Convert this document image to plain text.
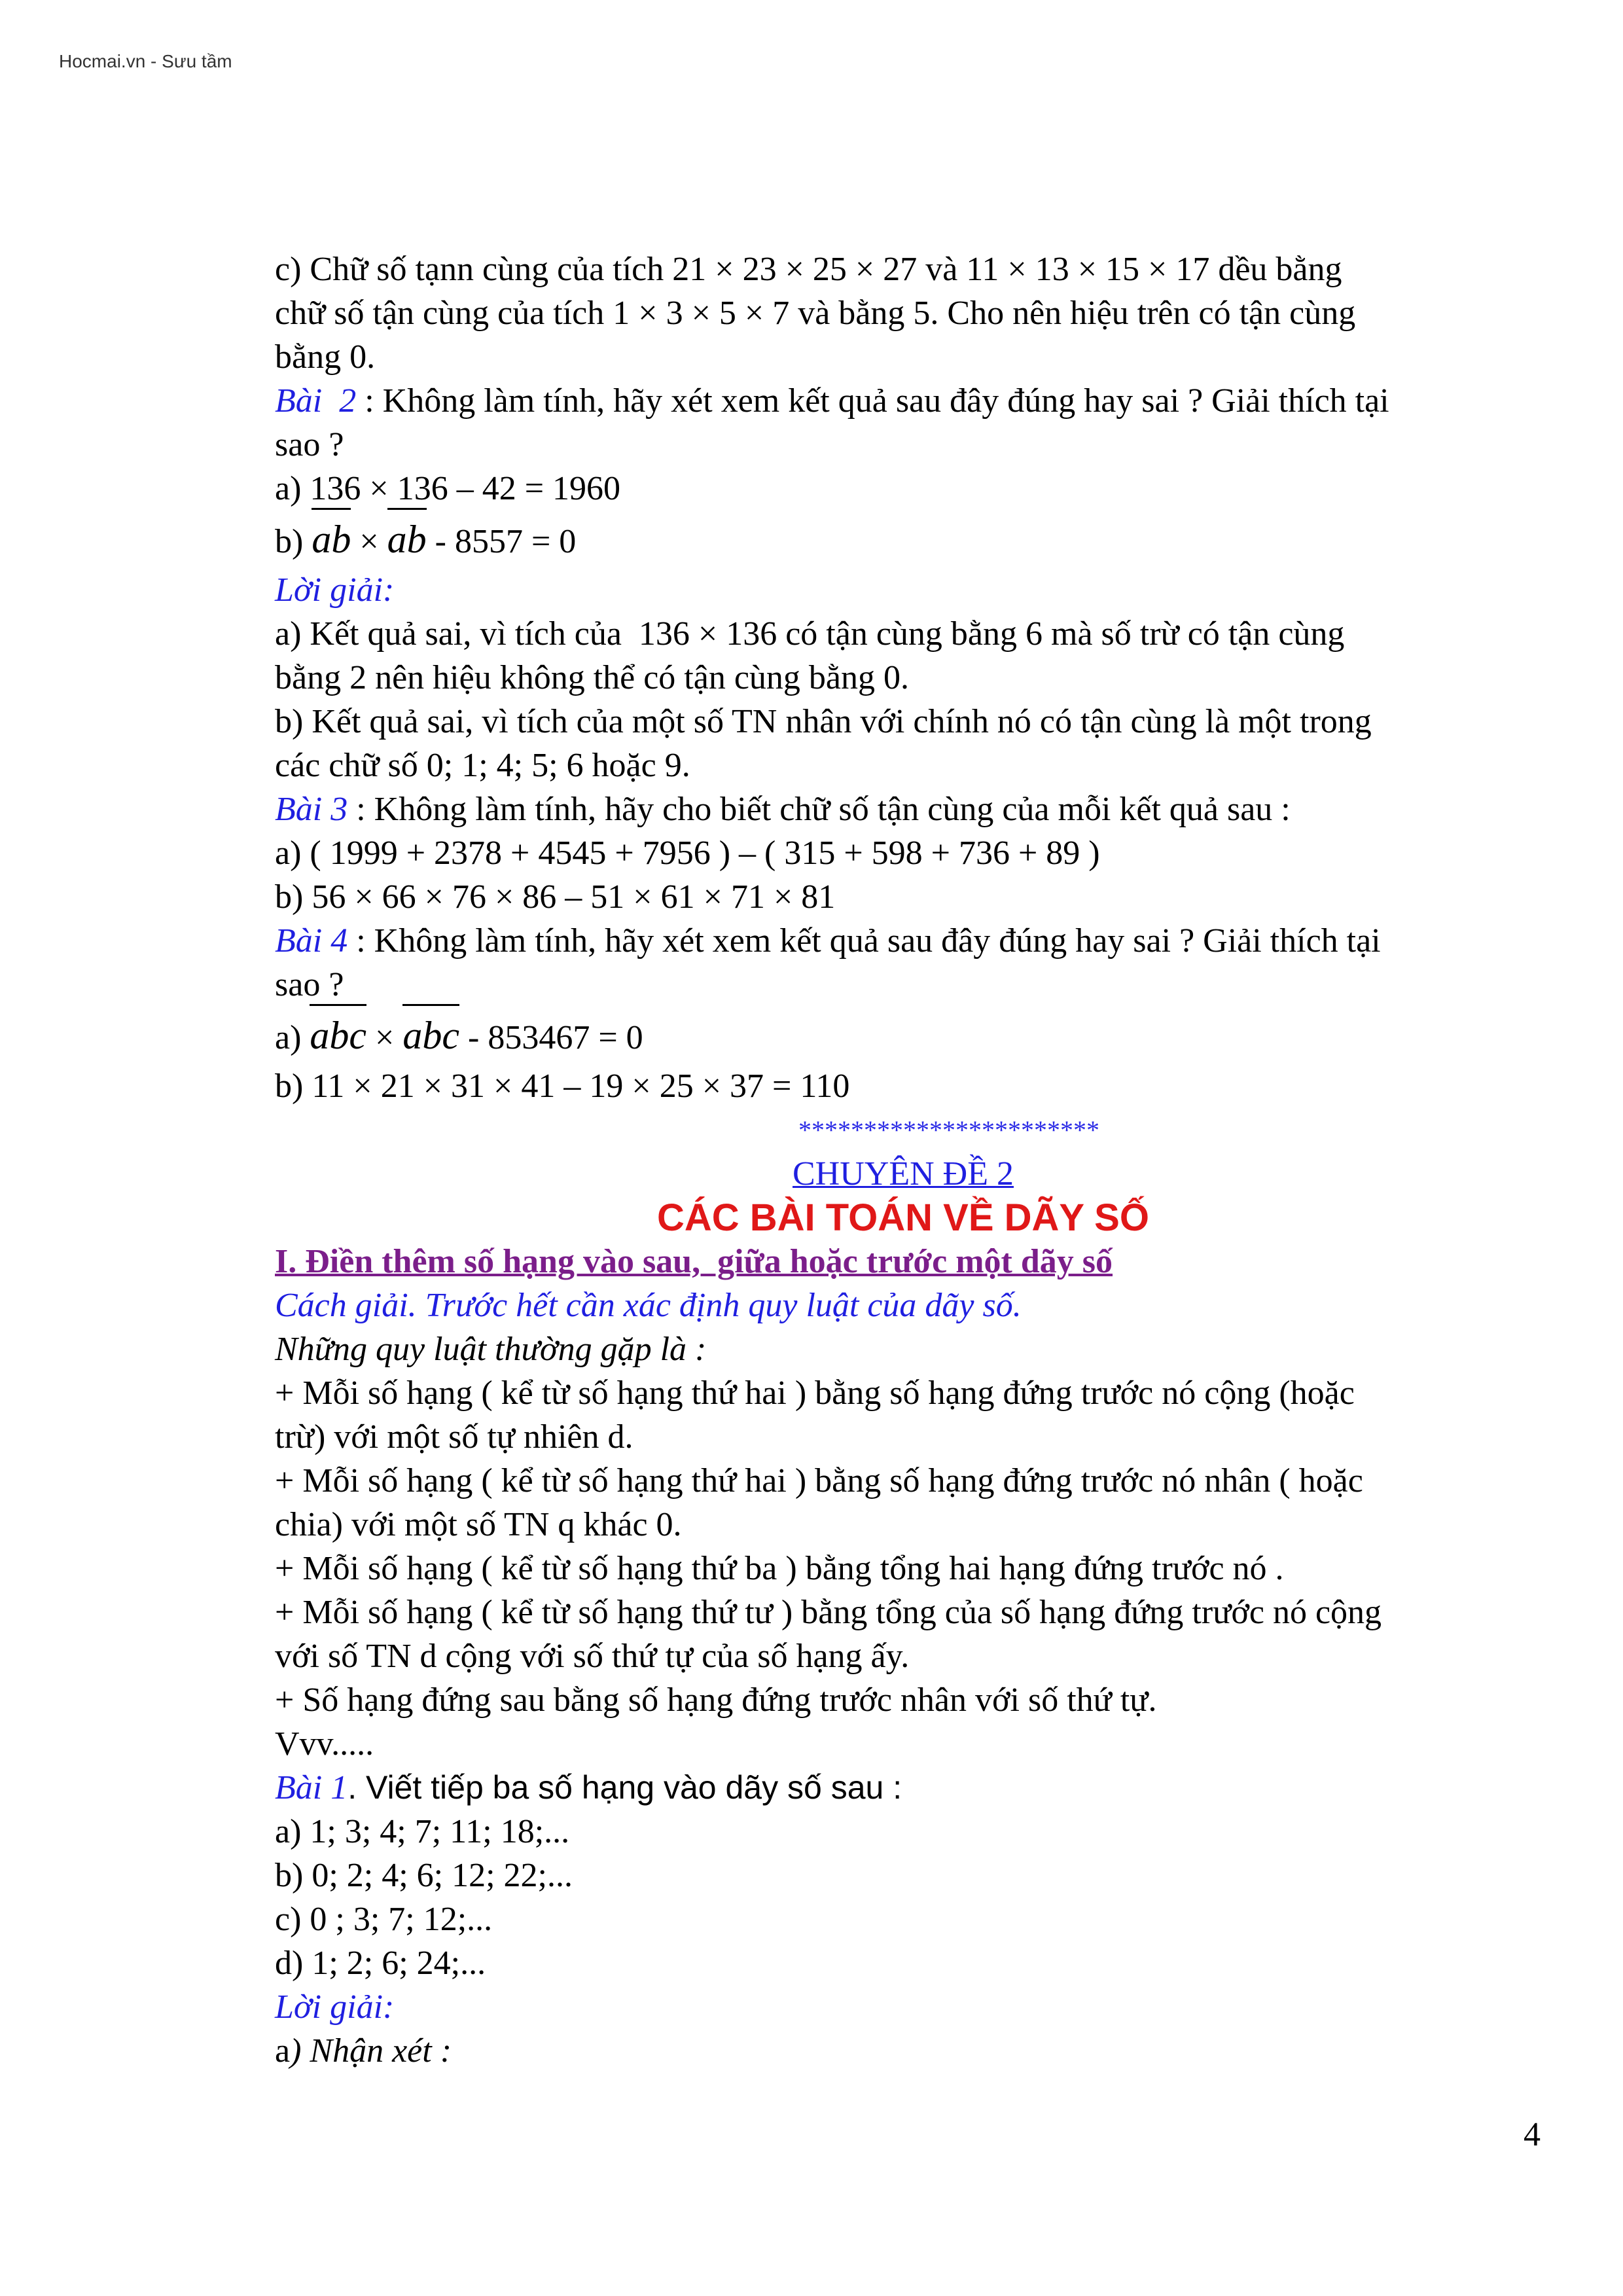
Hocmai.vn - Sưu tầm
c) Chữ số tạnn cùng của tích 21 × 23 × 25 × 27 và 11 × 13 × 15 × 17 dều bằng
chữ số tận cùng của tích 1 × 3 × 5 × 7 và bằng 5. Cho nên hiệu trên có tận cùng
bằng 0.
Bài  2 : Không làm tính, hãy xét xem kết quả sau đây đúng hay sai ? Giải thích tại
sao ?
a) 136 × 136 – 42 = 1960
b) ab × ab - 8557 = 0
Lời giải:
a) Kết quả sai, vì tích của  136 × 136 có tận cùng bằng 6 mà số trừ có tận cùng
bằng 2 nên hiệu không thể có tận cùng bằng 0.
b) Kết quả sai, vì tích của một số TN nhân với chính nó có tận cùng là một trong
các chữ số 0; 1; 4; 5; 6 hoặc 9.
Bài 3 : Không làm tính, hãy cho biết chữ số tận cùng của mỗi kết quả sau :
a) ( 1999 + 2378 + 4545 + 7956 ) – ( 315 + 598 + 736 + 89 )
b) 56 × 66 × 76 × 86 – 51 × 61 × 71 × 81
Bài 4 : Không làm tính, hãy xét xem kết quả sau đây đúng hay sai ? Giải thích tại
sao ?
a) abc × abc - 853467 = 0
b) 11 × 21 × 31 × 41 – 19 × 25 × 37 = 110
***********************
CHUYÊN ĐỀ 2
CÁC BÀI TOÁN VỀ DÃY SỐ
I. Điền thêm số hạng vào sau,  giữa hoặc trước một dãy số
Cách giải. Trước hết cần xác định quy luật của dãy số.
Những quy luật thường gặp là :
+ Mỗi số hạng ( kể từ số hạng thứ hai ) bằng số hạng đứng trước nó cộng (hoặc
trừ) với một số tự nhiên d.
+ Mỗi số hạng ( kể từ số hạng thứ hai ) bằng số hạng đứng trước nó nhân ( hoặc
chia) với một số TN q khác 0.
+ Mỗi số hạng ( kể từ số hạng thứ ba ) bằng tổng hai hạng đứng trước nó .
+ Mỗi số hạng ( kể từ số hạng thứ tư ) bằng tổng của số hạng đứng trước nó cộng
với số TN d cộng với số thứ tự của số hạng ấy.
+ Số hạng đứng sau bằng số hạng đứng trước nhân với số thứ tự.
Vvv.....
Bài 1. Viết tiếp ba số hạng vào dãy số sau :
a) 1; 3; 4; 7; 11; 18;...
b) 0; 2; 4; 6; 12; 22;...
c) 0 ; 3; 7; 12;...
d) 1; 2; 6; 24;...
Lời giải:
a) Nhận xét :
4
